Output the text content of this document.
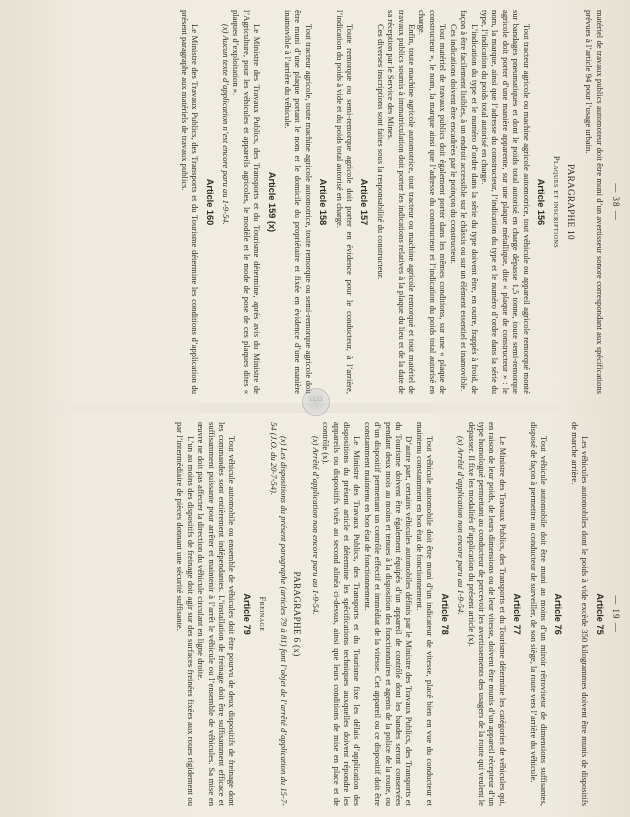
— 38 —

matériel de travaux publics automoteur doit être muni d’un avertisseur sonore correspondant aux spécifications prévues à l’article 94 pour l’usage urbain.

PARAGRAPHE 10
Plaques et inscriptions
Article 156

Tout tracteur agricole ou machine agricole automotrice, tout véhicule ou appareil agricole remorqué monté sur bandages pneumatiques et dont le poids total autorisé en charge dépasse 1,5 tonne, toute semi-remorque agricole doit porter d’une manière apparente, sur une plaque métallique, dite « plaque de constructeur » : le nom, la marque, ainsi que l’adresse du constructeur, l’indication du type et le numéro d’ordre dans la série du type, l’indication du poids total autorisé en charge.

L’indication du type et le numéro d’ordre dans la série du type doivent être, en outre, frappés à froid, de façon à être facilement lisibles, à un endroit accessible sur le châssis ou sur un élément essentiel et inamovible.

Ces indications doivent être encadrées par le poinçon du constructeur.

Tout matériel de travaux publics doit également porter dans les mêmes conditions, sur une « plaque de constructeur », le nom, la marque ainsi que l’adresse du constructeur et l’indication du poids total autorisé en charge.

Enfin, toute machine agricole automotrice, tout tracteur ou machine agricole remorqué et tout matériel de travaux publics soumis à immatriculation doit porter les indications relatives à la plaque du lieu et de la date de sa réception par le Service des Mines.

Ces diverses inscriptions sont faites sous la responsabilité du constructeur.

Article 157

Toute remorque ou semi-remorque agricole doit porter en évidence pour le conducteur, à l’arrière, l’indication du poids à vide et du poids total autorisé en charge.

Article 158

Tout tracteur agricole, toute machine agricole automotrice, toute remorque ou semi-remorque agricole doit être muni d’une plaque portant le nom et le domicile du propriétaire et fixée en évidence d’une manière inamovible à l’arrière du véhicule.

Article 159 (x)

Le Ministre des Travaux Publics, des Transports et du Tourisme détermine, après avis du Ministre de l’Agriculture, pour les véhicules et appareils agricoles, le modèle et le mode de pose de ces plaques dites « plaques d’exploitation ».

(x) Aucun texte d’application n’est encore paru au 1-9-54.

Article 160

Le Ministre des Travaux Publics, des Transports et du Tourisme détermine les conditions d’application du présent paragraphe aux matériels de travaux publics.

— 19 —
Article 75

Les véhicules automobiles dont le poids à vide excède 350 kilogrammes doivent être munis de dispositifs de marche arrière.

Article 76

Tout véhicule automobile doit être muni au moins d’un miroir rétroviseur de dimensions suffisantes, disposé de façon à permettre au conducteur de surveiller, de son siège, la route vers l’arrière du véhicule.

Article 77

Le Ministre des Travaux Publics, des Transports et du Tourisme détermine les catégories de véhicules qui, en raison de leur poids, de leurs dimensions ou de leur vitesse, doivent être munis d’un appareil récepteur d’un type homologué permettant au conducteur de percevoir les avertissements des usagers de la route qui veulent le dépasser. Il fixe les modalités d’application du présent article (x).

(x) Arrêté d’application non encore paru au 1-9-54.

Article 78

Tout véhicule automobile doit être muni d’un indicateur de vitesse, placé bien en vue du conducteur et maintenu constamment en bon état de fonctionnement.

D’autre part, certains véhicules automobiles définis par le Ministre des Travaux Publics, des Transports et du Tourisme doivent être également équipés d’un appareil de contrôle dont les bandes seront conservées pendant deux mois au moins et tenues à la disposition des fonctionnaires et agents de la police de la route, ou d’un dispositif permettant un contrôle effectif et immédiat de la vitesse. Cet appareil ou ce dispositif doit être constamment maintenu en bon état de fonctionnement.

Le Ministre des Travaux Publics, des Transports et du Tourisme fixe les délais d’application des dispositions du présent article et détermine les spécifications techniques auxquelles doivent répondre les appareils ou dispositifs visés au second alinéa ci-dessus, ainsi que leurs conditions de mise en place et de contrôle (x).

(x) Arrêté d’application non encore paru au 1-9-54.

PARAGRAPHE 6 (x)

(x) Les dispositions du présent paragraphe (articles 79 à 81) font l’objet de l’arrêté d’application du 15-7-54 (J.O. du 20-7-54).

Freinage
Article 79

Tout véhicule automobile ou ensemble de véhicules doit être pourvu de deux dispositifs de freinage dont les commandes sont entièrement indépendantes. L’installation de freinage doit être suffisamment efficace et suffisamment puissante pour arrêter et maintenir à l’arrêt le véhicule ou l’ensemble de véhicules. Sa mise en œuvre ne doit pas affecter la direction du véhicule circulant en ligne droite.

L’un au moins des dispositifs de freinage doit agir sur des surfaces freinées fixées aux roues rigidement ou par l’intermédiaire de pièces donnant une sécurité suffisante.

LCO
